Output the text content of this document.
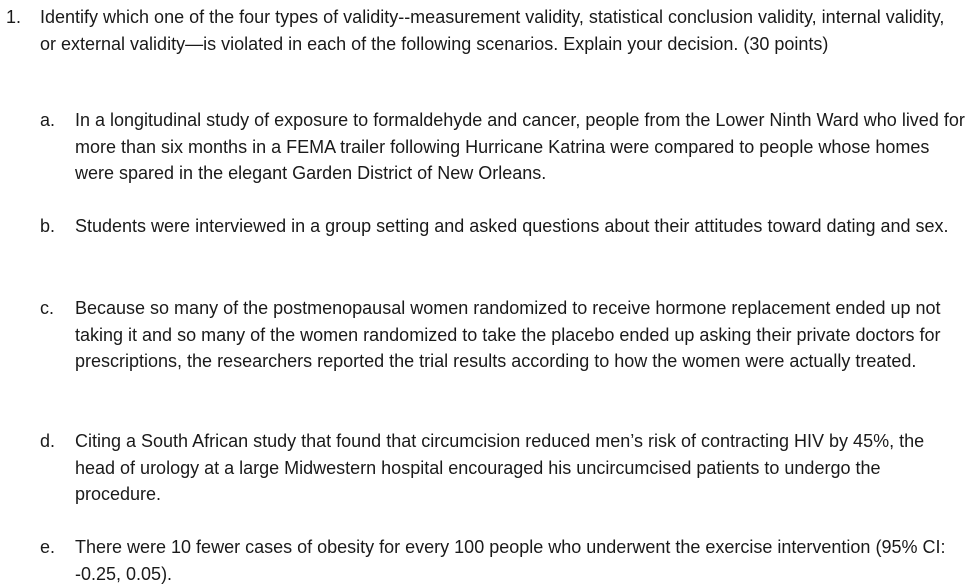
1. Identify which one of the four types of validity--measurement validity, statistical conclusion validity, internal validity, or external validity—is violated in each of the following scenarios. Explain your decision. (30 points)
a. In a longitudinal study of exposure to formaldehyde and cancer, people from the Lower Ninth Ward who lived for more than six months in a FEMA trailer following Hurricane Katrina were compared to people whose homes were spared in the elegant Garden District of New Orleans.
b. Students were interviewed in a group setting and asked questions about their attitudes toward dating and sex.
c. Because so many of the postmenopausal women randomized to receive hormone replacement ended up not taking it and so many of the women randomized to take the placebo ended up asking their private doctors for prescriptions, the researchers reported the trial results according to how the women were actually treated.
d. Citing a South African study that found that circumcision reduced men’s risk of contracting HIV by 45%, the head of urology at a large Midwestern hospital encouraged his uncircumcised patients to undergo the procedure.
e. There were 10 fewer cases of obesity for every 100 people who underwent the exercise intervention (95% CI: -0.25, 0.05).
